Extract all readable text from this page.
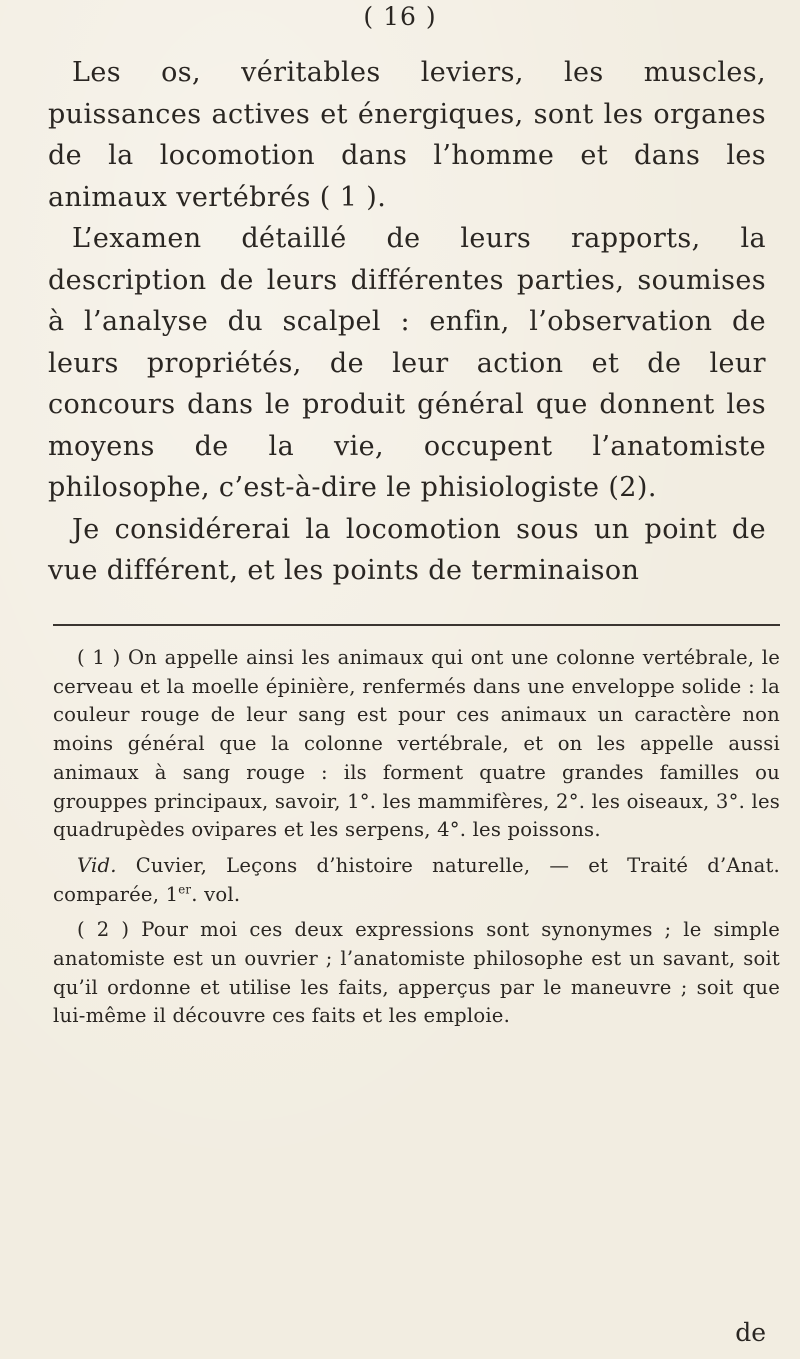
( 16 )

Les os, véritables leviers, les muscles, puissances actives et énergiques, sont les organes de la locomotion dans l’homme et dans les animaux vertébrés ( 1 ).

L’examen détaillé de leurs rapports, la description de leurs différentes parties, soumises à l’analyse du scalpel : enfin, l’observation de leurs propriétés, de leur action et de leur concours dans le produit général que donnent les moyens de la vie, occupent l’anatomiste philosophe, c’est-à-dire le phisiologiste (2).

Je considérerai la locomotion sous un point de vue différent, et les points de terminaison

( 1 ) On appelle ainsi les animaux qui ont une colonne vertébrale, le cerveau et la moelle épinière, renfermés dans une enveloppe solide : la couleur rouge de leur sang est pour ces animaux un caractère non moins général que la colonne vertébrale, et on les appelle aussi animaux à sang rouge : ils forment quatre grandes familles ou grouppes principaux, savoir, 1°. les mammifères, 2°. les oiseaux, 3°. les quadrupèdes ovipares et les serpens, 4°. les poissons.

Vid. Cuvier, Leçons d’histoire naturelle, — et Traité d’Anat. comparée, 1er. vol.

( 2 ) Pour moi ces deux expressions sont synonymes ; le simple anatomiste est un ouvrier ; l’anatomiste philosophe est un savant, soit qu’il ordonne et utilise les faits, apperçus par le maneuvre ; soit que lui-même il découvre ces faits et les emploie.

de
